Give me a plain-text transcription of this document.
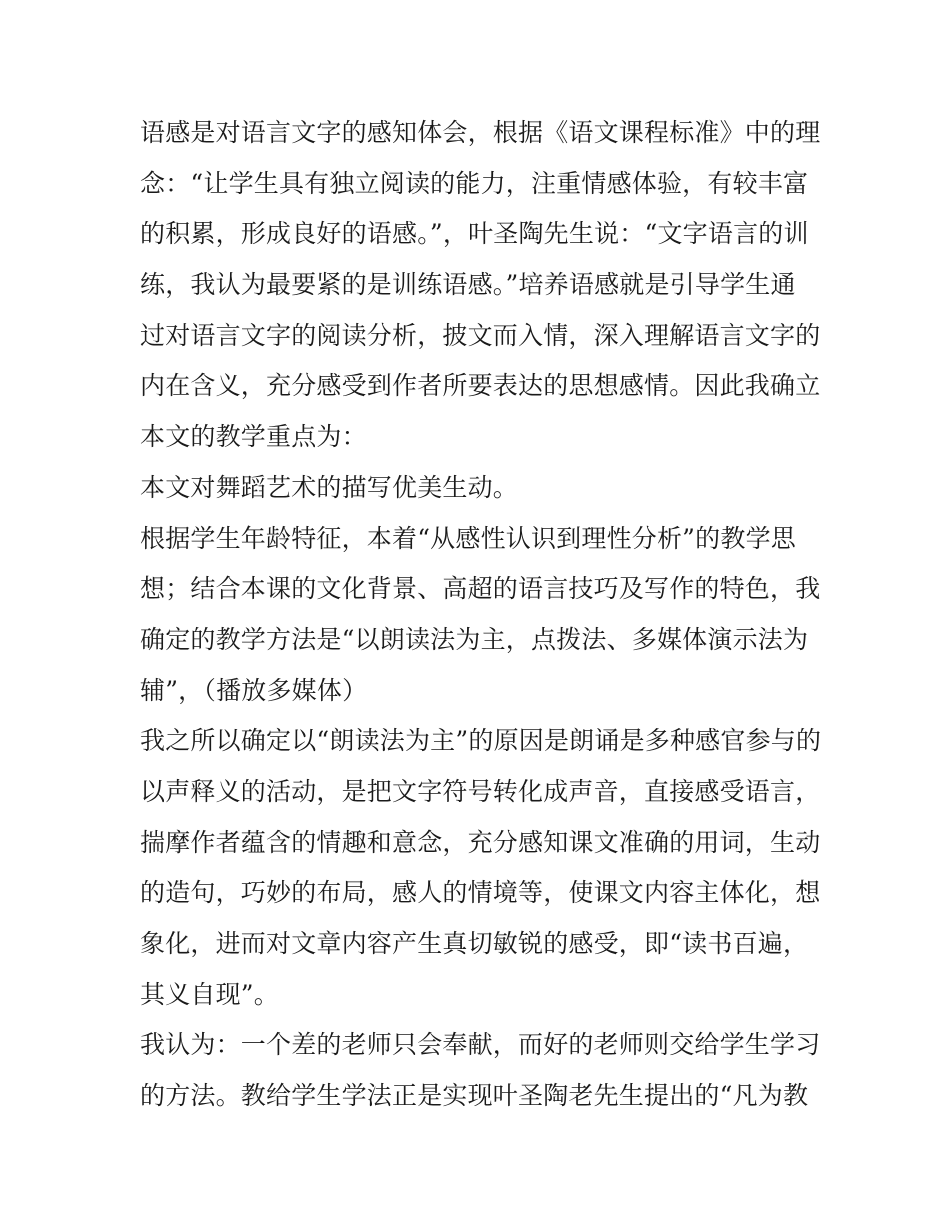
语感是对语言文字的感知体会，根据《语文课程标准》中的理
念：“让学生具有独立阅读的能力，注重情感体验，有较丰富
的积累，形成良好的语感。”，叶圣陶先生说：“文字语言的训
练，我认为最要紧的是训练语感。”培养语感就是引导学生通
过对语言文字的阅读分析，披文而入情，深入理解语言文字的
内在含义，充分感受到作者所要表达的思想感情。因此我确立
本文的教学重点为：
本文对舞蹈艺术的描写优美生动。
根据学生年龄特征，本着“从感性认识到理性分析”的教学思
想；结合本课的文化背景、高超的语言技巧及写作的特色，我
确定的教学方法是“以朗读法为主，点拨法、多媒体演示法为
辅”，（播放多媒体）
我之所以确定以“朗读法为主”的原因是朗诵是多种感官参与的
以声释义的活动，是把文字符号转化成声音，直接感受语言，
揣摩作者蕴含的情趣和意念，充分感知课文准确的用词，生动
的造句，巧妙的布局，感人的情境等，使课文内容主体化，想
象化，进而对文章内容产生真切敏锐的感受，即“读书百遍，
其义自现”。
我认为：一个差的老师只会奉献，而好的老师则交给学生学习
的方法。教给学生学法正是实现叶圣陶老先生提出的“凡为教
